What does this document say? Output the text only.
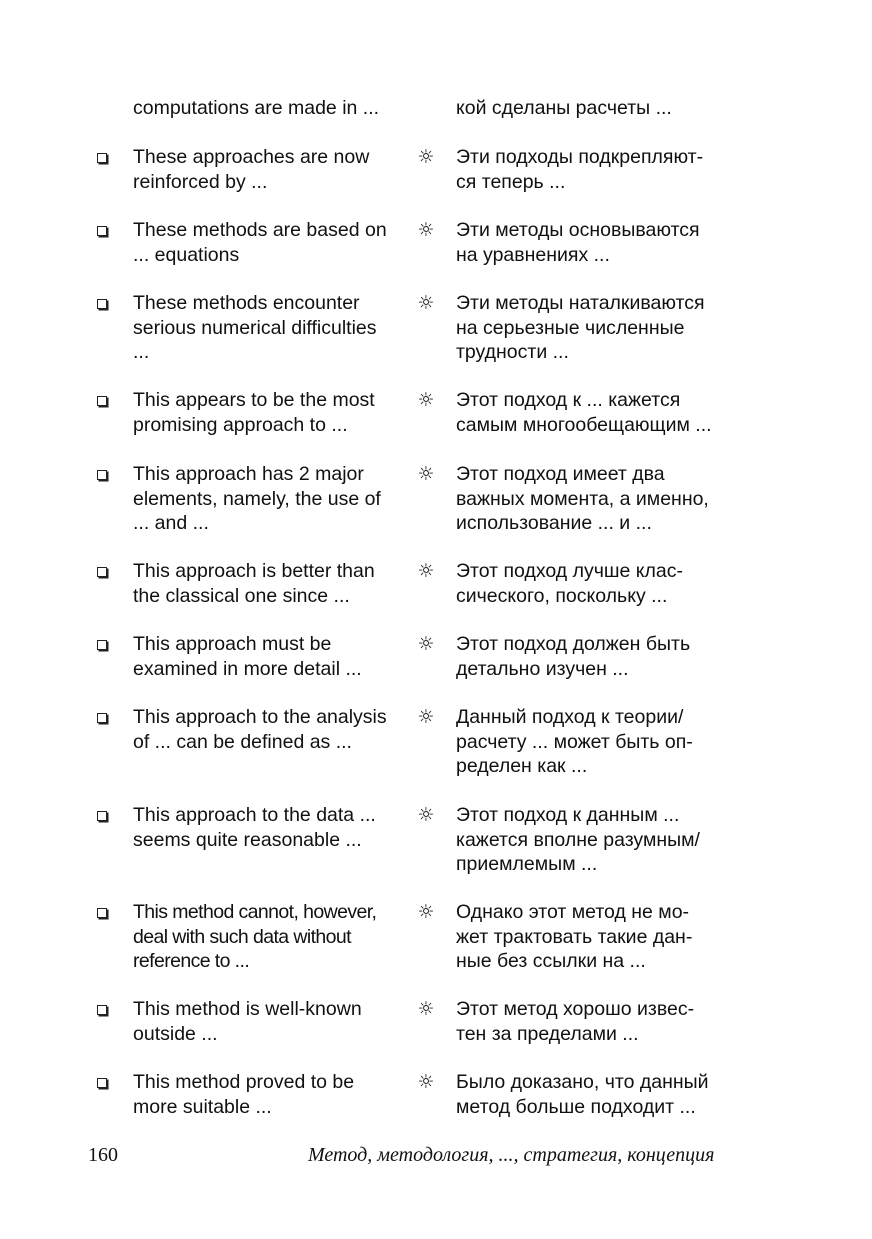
computations are made in ...	кой сделаны расчеты ...
These approaches are now
reinforced by ...
☼ Эти подходы подкрепляют-
ся теперь ...
These methods are based on
... equations
☼ Эти методы основываются
на уравнениях ...
These methods encounter
serious numerical difficulties
...
☼ Эти методы наталкиваются
на серьезные численные
трудности ...
This appears to be the most
promising approach to ...
☼ Этот подход к ... кажется
самым многообещающим ...
This approach has 2 major
elements, namely, the use of
... and ...
☼ Этот подход имеет два
важных момента, а именно,
использование ... и ...
This approach is better than
the classical one since ...
☼ Этот подход лучше клас-
сического, поскольку ...
This approach must be
examined in more detail ...
☼ Этот подход должен быть
детально изучен ...
This approach to the analysis
of ... can be defined as ...
☼ Данный подход к теории/
расчету ... может быть оп-
ределен как ...
This approach to the data ...
seems quite reasonable ...
☼ Этот подход к данным ...
кажется вполне разумным/
приемлемым ...
This method cannot, however,
deal with such data without
reference to ...
☼ Однако этот метод не мо-
жет трактовать такие дан-
ные без ссылки на ...
This method is well-known
outside ...
☼ Этот метод хорошо извес-
тен за пределами ...
This method proved to be
more suitable ...
☼ Было доказано, что данный
метод больше подходит ...
160	Метод, методология, ..., стратегия, концепция
